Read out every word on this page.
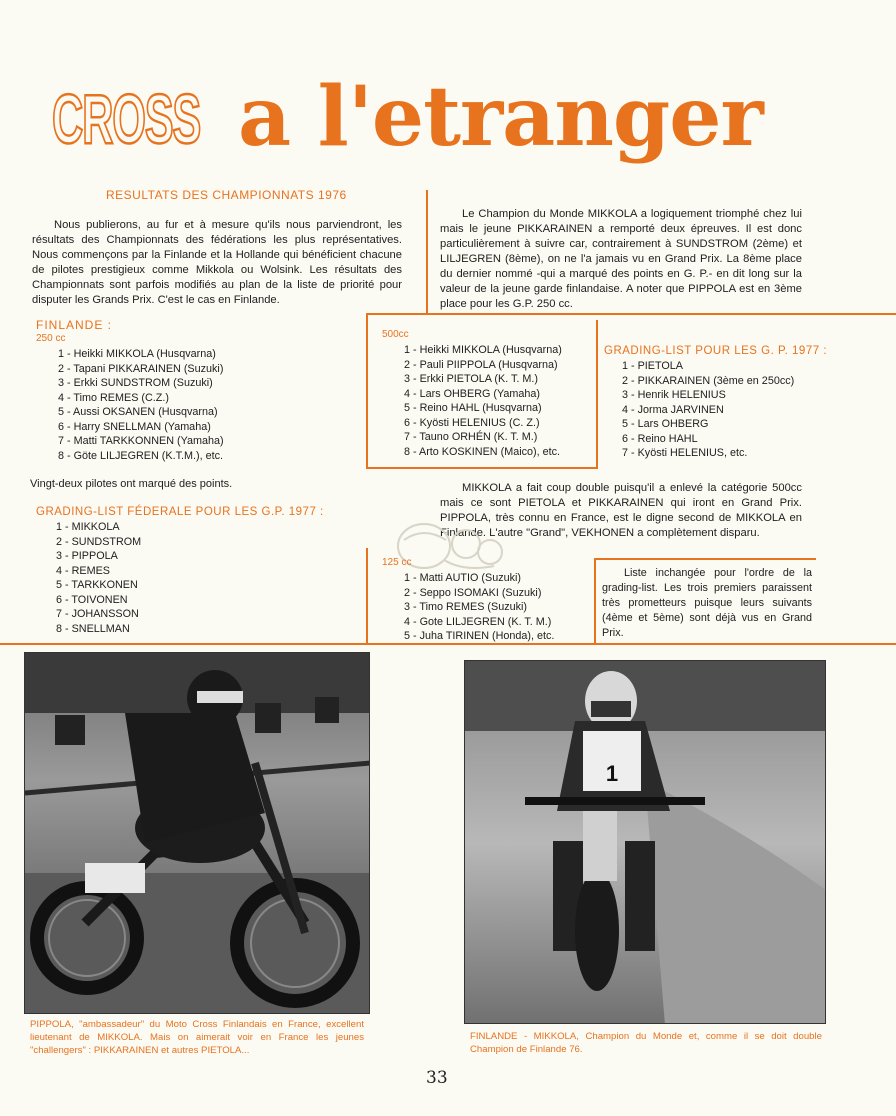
CROSS a l'etranger
RESULTATS DES CHAMPIONNATS 1976

Nous publierons, au fur et à mesure qu'ils nous parviendront, les résultats des Championnats des fédérations les plus représentatives. Nous commençons par la Finlande et la Hollande qui bénéficient chacune de pilotes prestigieux comme Mikkola ou Wolsink. Les résultats des Championnats sont parfois modifiés au plan de la liste de priorité pour disputer les Grands Prix. C'est le cas en Finlande.

Le Champion du Monde MIKKOLA a logiquement triomphé chez lui mais le jeune PIKKARAINEN a remporté deux épreuves. Il est donc particulièrement à suivre car, contrairement à SUNDSTROM (2ème) et LILJEGREN (8ème), on ne l'a jamais vu en Grand Prix. La 8ème place du dernier nommé -qui a marqué des points en G. P.- en dit long sur la valeur de la jeune garde finlandaise. A noter que PIPPOLA est en 3ème place pour les G.P. 250 cc.

FINLANDE :
250 cc
1 - Heikki MIKKOLA (Husqvarna)
2 - Tapani PIKKARAINEN (Suzuki)
3 - Erkki SUNDSTROM (Suzuki)
4 - Timo REMES (C.Z.)
5 - Aussi OKSANEN (Husqvarna)
6 - Harry SNELLMAN (Yamaha)
7 - Matti TARKKONNEN (Yamaha)
8 - Göte LILJEGREN (K.T.M.), etc.
Vingt-deux pilotes ont marqué des points.
GRADING-LIST FÉDERALE POUR LES G.P. 1977 :
1 - MIKKOLA
2 - SUNDSTROM
3 - PIPPOLA
4 - REMES
5 - TARKKONEN
6 - TOIVONEN
7 - JOHANSSON
8 - SNELLMAN
500cc
1 - Heikki MIKKOLA (Husqvarna)
2 - Pauli PIIPPOLA (Husqvarna)
3 - Erkki PIETOLA (K. T. M.)
4 - Lars OHBERG (Yamaha)
5 - Reino HAHL (Husqvarna)
6 - Kyösti HELENIUS (C. Z.)
7 - Tauno ORHÉN (K. T. M.)
8 - Arto KOSKINEN (Maico), etc.
GRADING-LIST POUR LES G. P. 1977 :
1 - PIETOLA
2 - PIKKARAINEN (3ème en 250cc)
3 - Henrik HELENIUS
4 - Jorma JARVINEN
5 - Lars OHBERG
6 - Reino HAHL
7 - Kyösti HELENIUS, etc.

MIKKOLA a fait coup double puisqu'il a enlevé la catégorie 500cc mais ce sont PIETOLA et PIKKARAINEN qui iront en Grand Prix. PIPPOLA, très connu en France, est le digne second de MIKKOLA en Finlande. L'autre "Grand", VEKHONEN a complètement disparu.

125 cc
1 - Matti AUTIO (Suzuki)
2 - Seppo ISOMAKI (Suzuki)
3 - Timo REMES (Suzuki)
4 - Gote LILJEGREN (K. T. M.)
5 - Juha TIRINEN (Honda), etc.

Liste inchangée pour l'ordre de la grading-list. Les trois premiers paraissent très prometteurs puisque leurs suivants (4ème et 5ème) sont déjà vus en Grand Prix.

PIPPOLA, "ambassadeur" du Moto Cross Finlandais en France, excellent lieutenant de MIKKOLA. Mais on aimerait voir en France les jeunes "challengers" : PIKKARAINEN et autres PIETOLA...

1

FINLANDE - MIKKOLA, Champion du Monde et, comme il se doit double Champion de Finlande 76.

33
